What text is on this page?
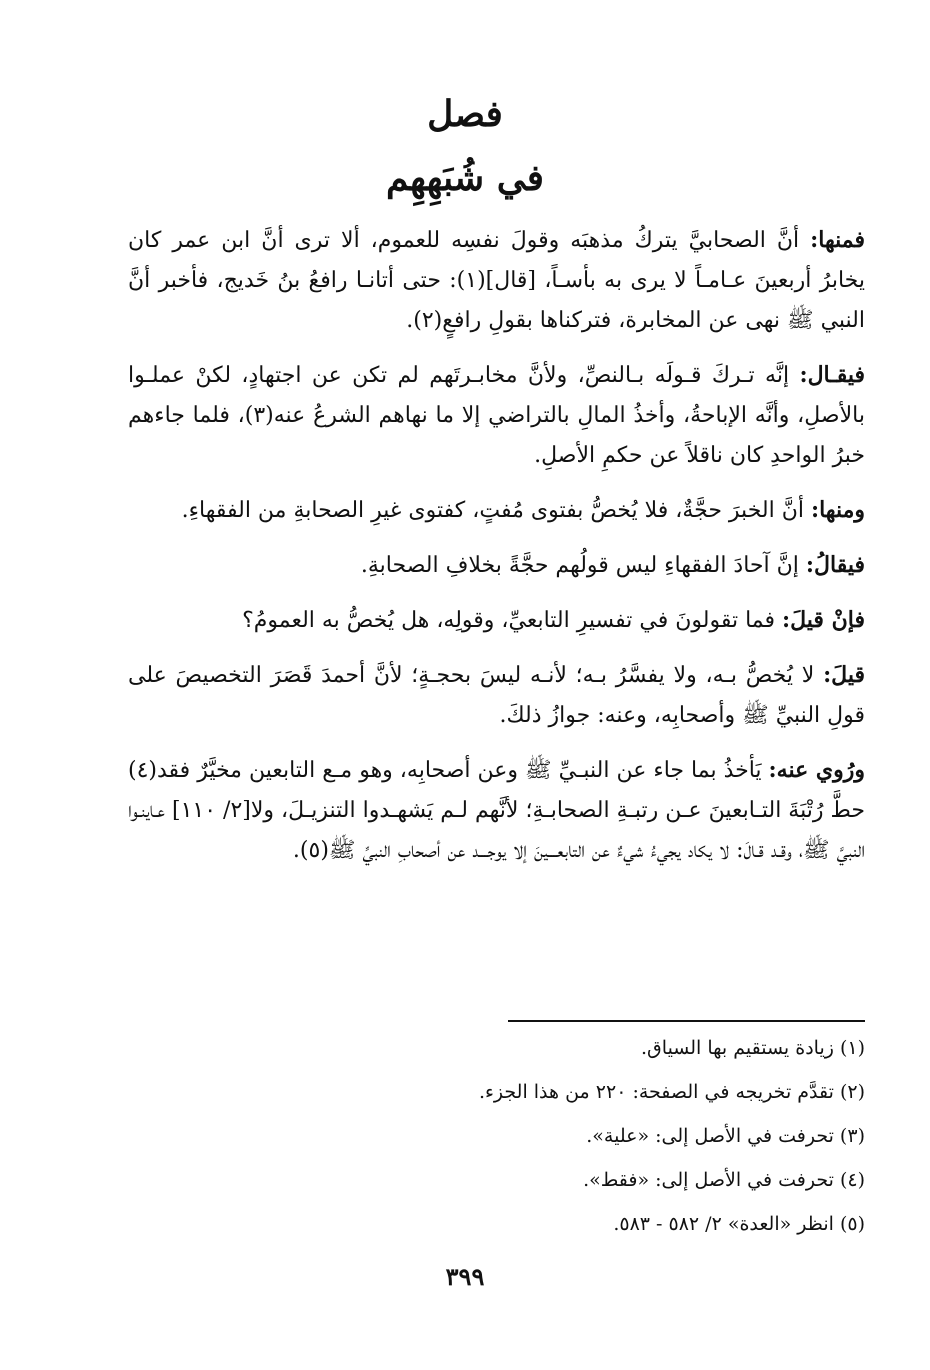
فصل
في شُبَهِهِم

فمنها: أنَّ الصحابيَّ يتركُ مذهبَه وقولَ نفسِه للعموم، ألا ترى أنَّ ابن عمر كان يخابرُ أربعينَ عـامـاً لا يرى به بأسـاً، [قال](١): حتى أتانـا رافعُ بنُ خَديج، فأخبر أنَّ النبي ﷺ نهى عن المخابرة، فتركناها بقولِ رافعٍ(٢).

فيقـال: إنَّه تـركَ قـولَه بـالنصِّ، ولأنَّ مخابـرتَهم لم تكن عن اجتهادٍ، لكنْ عملـوا بالأصلِ، وأنَّه الإباحةُ، وأخذُ المالِ بالتراضي إلا ما نهاهم الشرعُ عنه(٣)، فلما جاءهم خبرُ الواحدِ كان ناقلاً عن حكمِ الأصلِ.

ومنها: أنَّ الخبرَ حجَّةٌ، فلا يُخصُّ بفتوى مُفتٍ، كفتوى غيرِ الصحابةِ من الفقهاءِ.

فيقالُ: إنَّ آحادَ الفقهاءِ ليس قولُهم حجَّةً بخلافِ الصحابةِ.

فإنْ قيلَ: فما تقولونَ في تفسيرِ التابعيِّ، وقولِه، هل يُخصُّ به العمومُ؟

قيلَ: لا يُخصُّ بـه، ولا يفسَّرُ بـه؛ لأنـه ليسَ بحجـةٍ؛ لأنَّ أحمدَ قَصَرَ التخصيصَ على قولِ النبيِّ ﷺ وأصحابِه، وعنه: جوازُ ذلكَ.

ورُوي عنه: يَأخذُ بما جاء عن النبـيِّ ﷺ وعن أصحابِه، وهو مـع التابعين مخيَّرٌ فقد(٤) حطَّ رُتْبَةَ التـابعينَ عـن رتبـةِ الصحابـةِ؛ لأنَّهم لـم يَشهـدوا التنزيـلَ، ولا[٢/ ١١٠] عـاينـوا النبيَّ ﷺ، وقـد قـالَ: لا يكاد يجيءُ شيءٌ عن التابعـــينَ إلا يوجـــد عن أصحابِ النبيِّ ﷺ(٥).

(١) زيادة يستقيم بها السياق.

(٢) تقدَّم تخريجه في الصفحة: ٢٢٠ من هذا الجزء.

(٣) تحرفت في الأصل إلى: «علية».

(٤) تحرفت في الأصل إلى: «فقط».

(٥) انظر «العدة» ٢/ ٥٨٢ - ٥٨٣.

٣٩٩
